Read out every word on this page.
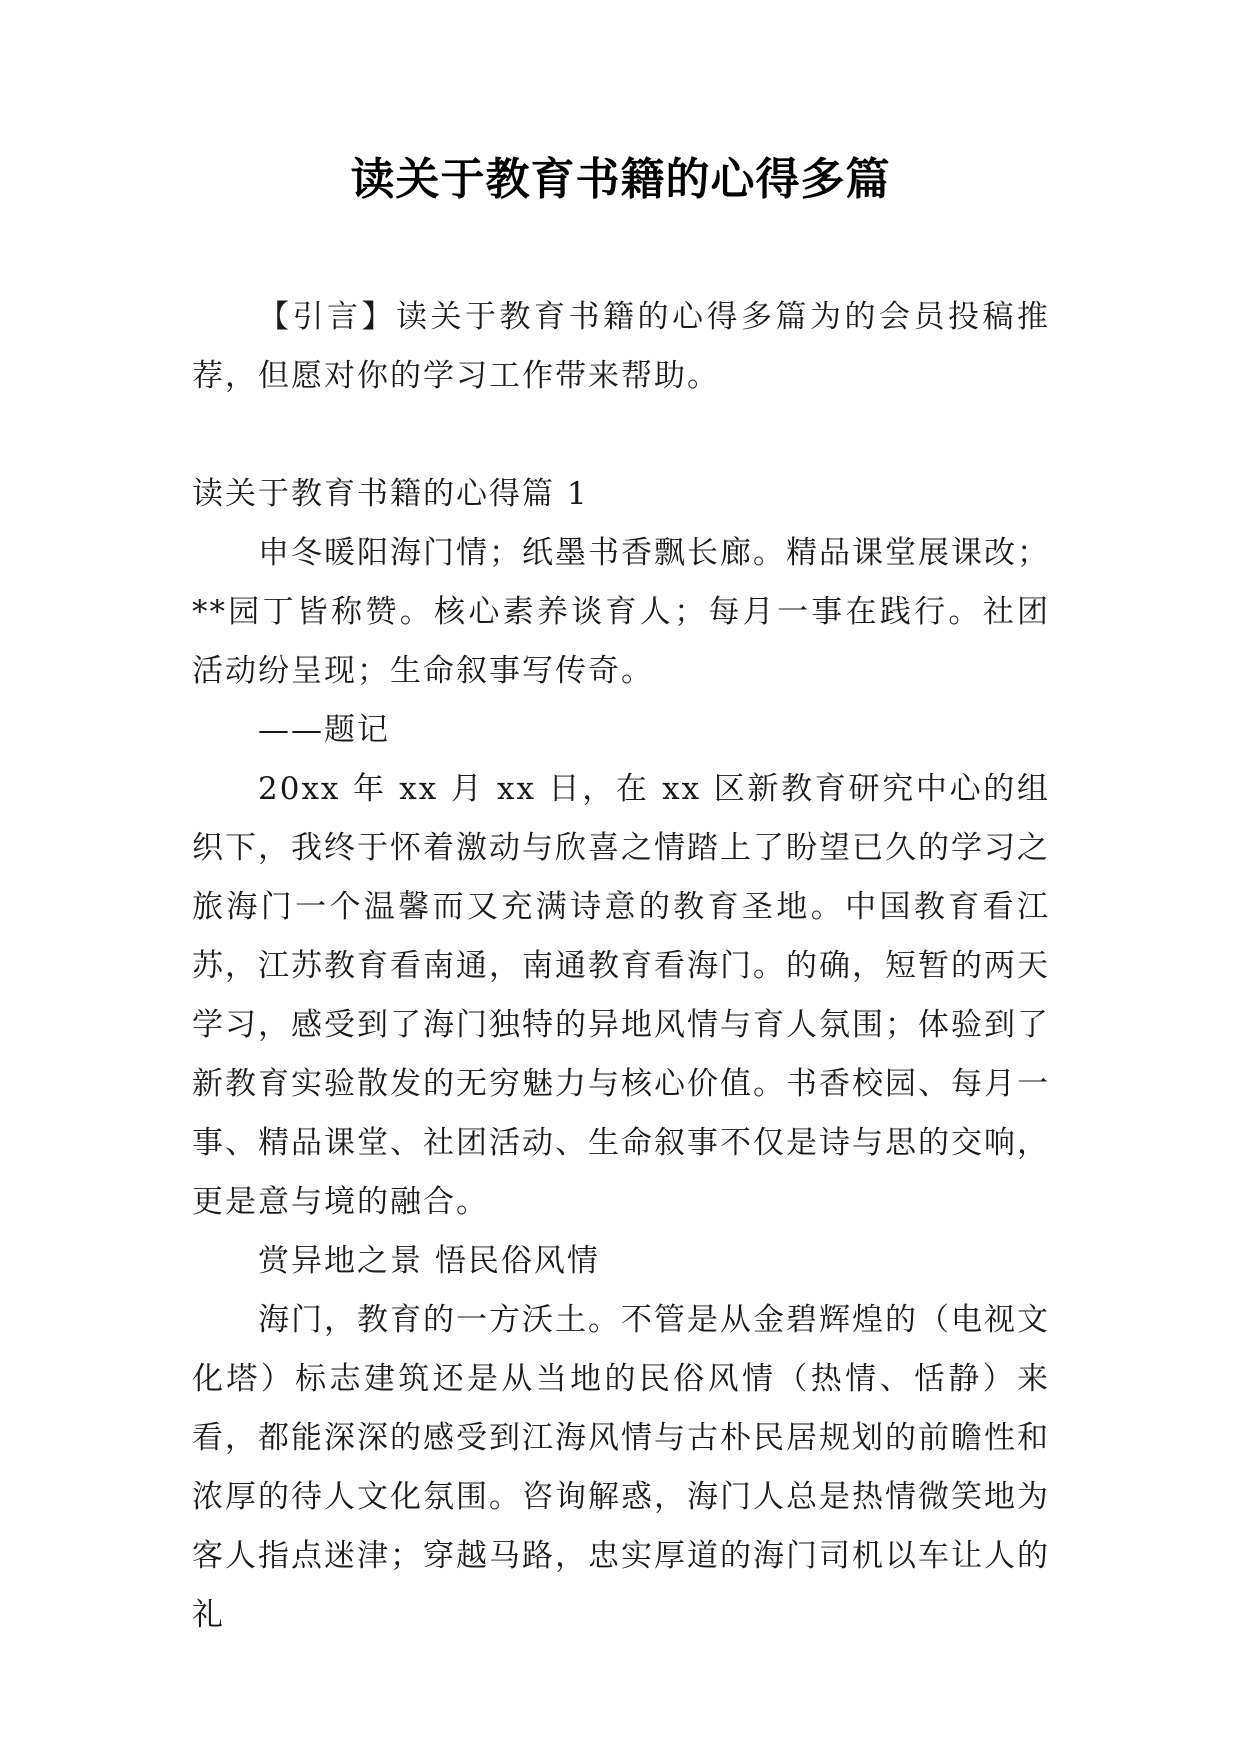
读关于教育书籍的心得多篇

【引言】读关于教育书籍的心得多篇为的会员投稿推荐，但愿对你的学习工作带来帮助。

读关于教育书籍的心得篇 1

申冬暖阳海门情；纸墨书香飘长廊。精品课堂展课改；**园丁皆称赞。核心素养谈育人；每月一事在践行。社团活动纷呈现；生命叙事写传奇。

——题记

20xx 年 xx 月 xx 日，在 xx 区新教育研究中心的组织下，我终于怀着激动与欣喜之情踏上了盼望已久的学习之旅海门一个温馨而又充满诗意的教育圣地。中国教育看江苏，江苏教育看南通，南通教育看海门。的确，短暂的两天学习，感受到了海门独特的异地风情与育人氛围；体验到了新教育实验散发的无穷魅力与核心价值。书香校园、每月一事、精品课堂、社团活动、生命叙事不仅是诗与思的交响，更是意与境的融合。

赏异地之景 悟民俗风情

海门，教育的一方沃土。不管是从金碧辉煌的（电视文化塔）标志建筑还是从当地的民俗风情（热情、恬静）来看，都能深深的感受到江海风情与古朴民居规划的前瞻性和浓厚的待人文化氛围。咨询解惑，海门人总是热情微笑地为客人指点迷津；穿越马路，忠实厚道的海门司机以车让人的礼
